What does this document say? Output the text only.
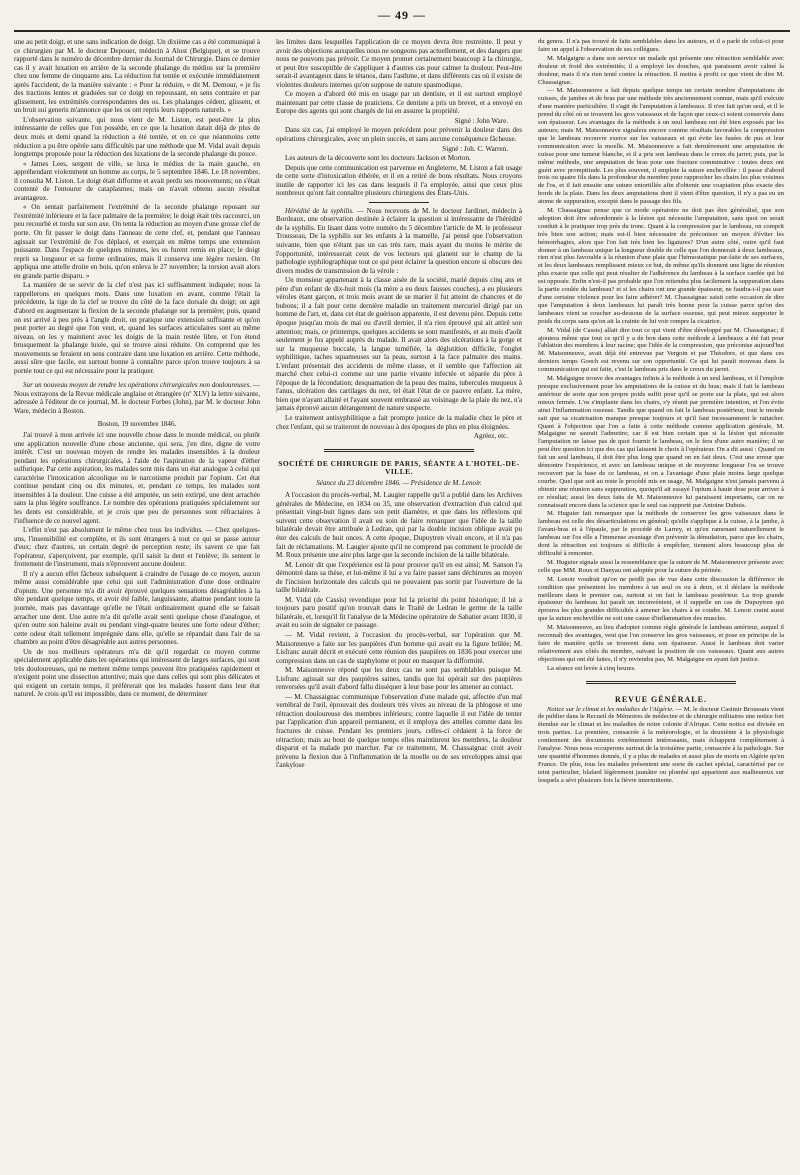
— 49 —

une au petit doigt, et une sans indication de doigt. Un dixième cas a été communiqué à ce chirurgien par M. le docteur Depouer, médecin à Alost (Belgique), et se trouve rapporté dans le numéro de décembre dernier du Journal de Chirurgie. Dans ce dernier cas il y avait luxation en arrière de la seconde phalange du médius sur la première chez une femme de cinquante ans. La réduction fut tentée et exécutée immédiatement après l'accident, de la manière suivante : « Pour la réduire, » dit M. Demour, « je fis des tractions lentes et graduées sur ce doigt en repoussant, en sens contraire et par glissement, les extrémités correspondantes des os. Les phalanges cédent, glissent, et un bruit sui generis m'annonce que les os ont repris leurs rapports naturels. »

L'observation suivante, qui nous vient de M. Liston, est peut-être la plus intéressante de celles que l'on possède, en ce que la luxation datait déjà de plus de deux mois et demi quand la réduction a été tentée, et en ce que néanmoins cette réduction a pu être opérée sans difficultés par une méthode que M. Vidal avait depuis longtemps proposée pour la réduction des luxations de la seconde phalange du pouce.

« James Lees, sergent de ville, se luxa le médius de la main gauche, en appréhendant violemment un homme au corps, le 5 septembre 1846. Le 18 novembre, il consulta M. Liston. Le doigt était difforme et avait perdu ses mouvements; on s'était contenté de l'entourer de cataplasmes; mais on n'avait obtenu aucun résultat avantageux.

« On sentait parfaitement l'extrémité de la seconde phalange reposant sur l'extrémité inférieure et la face palmaire de la première; le doigt était très raccourci, un peu recourbé et tordu sur son axe. On tenta la réduction au moyen d'une grosse clef de porte. On fit passer le doigt dans l'anneau de cette clef, et, pendant que l'anneau agissait sur l'extrémité de l'os déplacé, et exerçait en même temps une extension puissante. Dans l'espace de quelques minutes, les os furent remis en place; le doigt reprit sa longueur et sa forme ordinaires, mais il conserva une légère torsion. On appliqua une attelle droite en bois, qu'on enleva le 27 novembre; la torsion avait alors en grande partie disparu. »

La manière de se servir de la clef n'est pas ici suffisamment indiquée; nous la rappellerons en quelques mots. Dans une luxation en avant, comme l'était la précédente, la tige de la clef se trouve du côté de la face dorsale du doigt; on agit d'abord en augmentant la flexion de la seconde phalange sur la première; puis, quand on est arrivé à peu près à l'angle droit, on pratique une extension suffisante et qu'on peut porter au degré que l'on veut, et, quand les surfaces articulaires sont au même niveau, on les y maintient avec les doigts de la main restée libre, et l'on étend brusquement la phalange luxée, qui se trouve ainsi réduite. On comprend que les mouvements se feraient en sens contraire dans une luxation en arrière. Cette méthode, aussi sûre que facile, est surtout bonne à connaître parce qu'on trouve toujours à sa portée tout ce qui est nécessaire pour la pratiquer.

Sur un nouveau moyen de rendre les opérations chirurgicales non douloureuses. — Nous extrayons de la Revue médicale anglaise et étrangère (nº XLV) la lettre suivante, adressée à l'éditeur de ce journal, M. le docteur Forbes (John), par M. le docteur John Ware, médecin à Boston.

Boston, 19 novembre 1846.

J'ai trouvé à mon arrivée ici une nouvelle chose dans le monde médical, ou plutôt une application nouvelle d'une chose ancienne, qui sera, j'en dire, digne de votre intérêt. C'est un nouveau moyen de rendre les malades insensibles à la douleur pendant les opérations chirurgicales, à l'aide de l'aspiration de la vapeur d'éther sulfurique. Par cette aspiration, les malades sont mis dans un état analogue à celui qui caractérise l'intoxication alcoolique ou le narcotisme produit par l'opium. Cet état continue pendant cinq ou dix minutes, et, pendant ce temps, les malades sont insensibles à la douleur. Une cuisse a été amputée, un sein extirpé, une dent arrachée sans la plus légère souffrance. Le nombre des opérations pratiquées spécialement sur les dents est considérable, et je crois que peu de personnes sont réfractaires à l'influence de ce nouvel agent.

L'effet n'est pas absolument le même chez tous les individus. — Chez quelques-uns, l'insensibilité est complète, et ils sont étrangers à tout ce qui se passe autour d'eux; chez d'autres, un certain degré de perception reste; ils savent ce que fait l'opérateur, s'aperçoivent, par exemple, qu'il saisit la dent et l'enlève; ils sentent le frottement de l'instrument, mais n'éprouvent aucune douleur.

Il n'y a aucun effet fâcheux subséquent à craindre de l'usage de ce moyen, aucun même aussi considérable que celui qui suit l'administration d'une dose ordinaire d'opium. Une personne m'a dit avoir éprouvé quelques sensations désagréables à la tête pendant quelque temps, et avoir été faible, languissante, abattue pendant toute la journée, mais pas davantage qu'elle ne l'était ordinairement quand elle se faisait arracher une dent. Une autre m'a dit qu'elle avait senti quelque chose d'analogue, et qu'en outre son haleine avait eu pendant vingt-quatre heures une forte odeur d'éther; cette odeur était tellement imprégnée dans elle, qu'elle se répandait dans l'air de sa chambre au point d'être désagréable aux autres personnes.

Un de nos meilleurs opérateurs m'a dit qu'il regardait ce moyen comme spécialement applicable dans les opérations qui intéressent de larges surfaces, qui sont très douloureuses, qui ne mettent même temps peuvent être pratiquées rapidement et n'exigent point une dissection attentive; mais que dans celles qui sont plus délicates et qui exigent un certain temps, il préférerait que les malades fussent dans leur état naturel. Je crois qu'il est impossible, dans ce moment, de déterminer

les limites dans lesquelles l'application de ce moyen devra être restreinte. Il peut y avoir des objections auxquelles nous ne songeons pas actuellement, et des dangers que nous ne pouvons pas prévoir. Ce moyen promet certainement beaucoup à la chirurgie, et peut être susceptible de s'appliquer à d'autres cas pour calmer la douleur. Peut-être serait-il avantageux dans le tétanos, dans l'asthme, et dans différents cas où il existe de violentes douleurs internes qu'on suppose de nature spasmodique.

Ce moyen a d'abord été mis en usage par un dentiste, et il est surtout employé maintenant par cette classe de praticiens. Ce dentiste a pris un brevet, et a envoyé en Europe des agents qui sont chargés de lui en assurer la propriété.

Signé : John Ware.

Dans six cas, j'ai employé le moyen précédent pour prévenir la douleur dans des opérations chirurgicales, avec un plein succès, et sans aucune conséquence fâcheuse.

Signé : Joh. C. Warren.

Les auteurs de la découverte sont les docteurs Jackson et Morton.

Depuis que cette communication est parvenue en Angleterre, M. Liston a fait usage de cette sorte d'intoxication éthérée, et il en a retiré de bons résultats. Nous croyons inutile de rapporter ici les cas dans lesquels il l'a employée, ainsi que ceux plus nombreux qu'ont fait connaître plusieurs chirurgiens des États-Unis.

Hérédité de la syphilis. — Nous recevons de M. le docteur Jardinet, médecin à Bordeaux, une observation destinée à éclairer la question si intéressante de l'hérédité de la syphilis. En lisant dans votre numéro du 5 décembre l'article de M. le professeur Trousseau, De la syphilis sur les enfants à la mamelle, j'ai pensé que l'observation suivante, bien que n'étant pas un cas très rare, mais ayant du moins le mérite de l'opportunité, intéresserait ceux de vos lecteurs qui glanent sur le champ de la pathologie syphilographique tout ce qui peut éclairer la question encore si obscure des divers modes de transmission de la vérole :

Un monsieur appartenant à la classe aisée de la société, marié depuis cinq ans et père d'un enfant de dix-huit mois (la mère a eu deux fausses couches), a eu plusieurs véroles étant garçon, et trois mois avant de se marier il fut atteint de chancres et de bubons; il a fait pour cette dernière maladie un traitement mercuriel dirigé par un homme de l'art, et, dans cet état de guérison apparente, il est devenu père. Depuis cette époque jusqu'au mois de mai ou d'avril dernier, il n'a rien éprouvé qui ait attiré son attention; mais, ce printemps, quelques accidents se sont manifestés, et au mois d'août seulement je fus appelé auprès du malade. Il avait alors des ulcérations à la gorge et sur la muqueuse buccale, la langue tuméfiée, la déglutition difficile, l'onglet syphilitique, taches squameuses sur la peau, surtout à la face palmaire des mains. L'enfant présentait des accidents de même classe, et il semble que l'affection ait marché chez celui-ci comme sur une partie vivante infectée et séparée du père à l'époque de la fécondation; desquamation de la peau des mains, tubercules muqueux à l'anus, ulcération des cartilages du nez, tel était l'état de ce pauvre enfant. La mère, bien que n'ayant allaité et l'ayant souvent embrassé au voisinage de la plaie du nez, n'a jamais éprouvé aucun dérangement de nature suspecte.

Le traitement antisyphilitique a fait prompte justice de la maladie chez le père et chez l'enfant, qui se traiteront de nouveau à des époques de plus en plus éloignées.

Agréez, etc.

SOCIÉTÉ DE CHIRURGIE DE PARIS, SÉANTE A L'HOTEL-DE-VILLE.

Séance du 23 décembre 1846. — Présidence de M. Lenoir.

A l'occasion du procès-verbal, M. Laugier rappelle qu'il a publié dans les Archives générales de Médecine, en 1834 ou 35, une observation d'extraction d'un calcul qui présentait vingt-huit lignes dans son petit diamètre, et que dans les réflexions qui suivent cette observation il avait eu soin de faire remarquer que l'idée de la taille bilatérale devait être attribuée à Ledran, qui par la double incision oblique avait pu éter des calculs de huit onces. A cette époque, Dupuytren vivait encore, et il n'a pas fait de réclamations. M. Laugier ajoute qu'il ne comprend pas comment le procédé de M. Roux présente une aire plus large que la seconde incision de la taille bilatérale.

M. Lenoir dit que l'expérience est là pour prouver qu'il en est ainsi; M. Sanson l'a démontré dans sa thèse, et lui-même il lui a vu faire passer sans déchirures au moyen de l'incision horizontale des calculs qui ne pouvaient pas sortir par l'ouverture de la taille bilatérale.

M. Vidal (de Cassis) revendique pour lui la priorité du point historique; il lui a toujours paru positif qu'on trouvait dans le Traité de Ledran le germe de la taille bilatérale, et, lorsqu'il fit l'analyse de la Médecine opératoire de Sabatier avant 1830, il avait eu soin de signaler ce passage.

— M. Vidal revient, à l'occasion du procès-verbal, sur l'opération que M. Maisonneuve a faite sur les paupières d'un homme qui avait eu la figure brûlée; M. Lisfranc aurait décrit et exécuté cette réunion des paupières en 1836 pour exercer une compression dans un cas de staphylome et pour en masquer la difformité.

M. Maisonneuve répond que les deux cas ne sont pas semblables puisque M. Lisfranc agissait sur des paupières saines, tandis que lui opérait sur des paupières renversées qu'il avait d'abord fallu disséquer à leur base pour les amener au contact.

— M. Chassaignac communique l'observation d'une malade qui, affectée d'un mal vertébral de l'œil, éprouvait des douleurs très vives au niveau de la phlogose et une rétraction douloureuse des membres inférieurs; contre laquelle il eut l'idée de tenter par l'application d'un appareil permanent, et il employa des attelles comme dans les fractures de cuisse. Pendant les premiers jours, celles-ci cédaient à la force de rétraction; mais au bout de quelque temps elles maintinrent les membres, la douleur disparut et la malade put marcher. Par ce traitement, M. Chassaignac croit avoir prévenu la flexion due à l'inflammation de la moelle ou de ses enveloppes ainsi que l'ankylose

du genou. Il n'a pas trouvé de faits semblables dans les auteurs, et il a parlé de celui-ci pour faire un appel à l'observation de ses collègues.

M. Malgaigne a dans son service un malade qui présente une rétraction semblable avec douleur et froid des extrémités; il a employé les douches, qui paraissent avoir calmé la douleur, mais il n'a rien tenté contre la rétraction. Il mettra à profit ce que vient de dire M. Chassaignac.

— M. Maisonneuve a fait depuis quelque temps un certain nombre d'amputations de cuisses, de jambes et de bras par une méthode très anciennement connue, mais qu'il exécute d'une manière particulière. Il s'agit de l'amputation à lambeaux. Il n'en fait qu'un seul, et il le prend du côté où se trouvent les gros vaisseaux et de façon que ceux-ci soient conservés dans son épaisseur. Les avantages de la méthode à un seul lambeau ont été bien exposés par les auteurs; mais M. Maisonneuve signalera encore comme résultats favorables la compression que le lambeau recouvre exerce sur les vaisseaux et qui évite les fusées de pus et leur communication avec la moelle. M. Maisonneuve a fait dernièrement une amputation de cuisse pour une tumeur blanche, et il a pris son lambeau dans le creux du jarret; puis, par la même méthode, une amputation de bras pour une fracture comminutive : toutes deux ont guéri avec promptitude. Les plus souvent, il emploie la suture enchevillée : il passe d'abord trois ou quatre fils dans la profondeur du membre pour rapprocher les chairs les plus voisines de l'os, et il fait ensuite une suture entortillée afin d'obtenir une coaptation plus exacte des bords de la plaie. Dans les deux amputations dont il vient d'être question, il n'y a pas eu un atome de suppuration, excepté dans le passage des fils.

M. Chassaignac pense que ce mode opératoire ne doit pas être généralisé, que son adoption doit être subordonnée à la lésion qui nécessite l'amputation, sans quoi on serait conduit à le pratiquer trop près du tronc. Quant à la compression par le lambeau, on comprit très bien son action; mais est-il bien nécessaire de préconiser un moyen d'éviter les hémorrhagies, alors que l'on fait très bien les ligatures? D'un autre côté, outre qu'il faut donner à un lambeau unique la longueur double de celle que l'on donnerait à deux lambeaux, rien n'est plus favorable à la réunion d'une plaie que l'hémostatique par-faite de ses surfaces, et les deux lambeaux remplissent mieux ce but, de même qu'ils donnent une ligne de réunion plus exacte que celle qui peut résulter de l'adhérence du lambeau à la surface cardée qui lui est opposée. Enfin n'est-il pas probable que l'on retiendra plus facilement la suppuration dans la partie coulée du lambeau? et si les chairs ont une grande épaisseur, ne faudra-t-il pas user d'une certaine violence pour les faire adhérer? M. Chassaignac saisit cette occasion de dire que l'amputation à deux lambeaux lui paraît très bonne pour la cuisse parce qu'on des lambeaux vient se coucher au-dessous de la surface osseuse, qui peut mieux supporter le poids du corps sans qu'on ait la crainte de lui voir rompre la cicatrice.

M. Vidal (de Cassis) allait dire tout ce qui vient d'être développé par M. Chassaignac; il ajoutera même que tout ce qu'il y a de bon dans cette méthode à lambeaux a été fait pour l'ablation des membres à leur racine; que l'idée de la compression, que préconise aujourd'hui M. Maisonneuve, avait déjà été entrevue par Vergoin et par Théodore, et que dans ces derniers temps Gooch est revenu sur son opportunité. Ce qui lui paraît nouveau dans la communication qui est faite, c'est le lambeau pris dans le creux du jarret.

M. Malgaigne trouve des avantages infinis à la méthode à un seul lambeau, et il l'emploie presque exclusivement pour les amputations de la cuisse et du bras; mais il fait le lambeau antérieur de sorte que son propre poids suffit pour qu'il se porte sur la plaie, qui est alors mieux fermée. L'os s'implante dans les chairs, s'y réunit par première intention, et l'on évite ainsi l'inflammation osseuse. Tandis que quand on fait le lambeau postérieur, tout le monde sait que sa cicatrisation manque presque toujours et qu'il faut incessamment le rattacher. Quant à l'objection que l'on a faite à cette méthode comme application générale, M. Malgaigne ne saurait l'admettre; car il est bien certain que si la lésion qui nécessite l'amputation ne laisse pas de quoi fournir le lambeau, on le fera d'une autre manière; il ne peut être question ici que des cas qui laissent le choix à l'opérateur. On a dit aussi : Quand on fait un seul lambeau, il doit être plus long que quand on en fait deux. C'est une erreur que démontre l'expérience, et avec un lambeau unique et de moyenne longueur l'os se trouve recouvert par la base de ce lambeau, et on a l'avantage d'une plaie moins large quelque courbe. Quel que soit au reste le procédé mis en usage, M. Malgaigne n'est jamais parvenu à obtenir une réunion sans suppuration, quoiqu'il ait essayé l'opium à haute dose pour arriver à ce résultat; aussi les deux faits de M. Maisonneuve lui paraissent importants, car on ne connaissait encore dans la science que le seul cas rapporté par Antoine Dubois.

M. Huguier fait remarquer que la méthode de conserver les gros vaisseaux dans le lambeau est celle des désarticulations en général; qu'elle s'applique à la cuisse, à la jambe, à l'avant-bras et à l'épaule, par le procédé de Larrey, et qu'en ramenant naturellement le lambeau sur l'os elle a l'immense avantage d'en prévenir la dénudation, parce que les chairs, dont la rétraction est toujours si difficile à empêcher, tiennent alors beaucoup plus de difficulté à remonter.

M. Huguier signale aussi la ressemblance que la suture de M. Maisonneuve présente avec celle que MM. Roux et Danyau ont adoptée pour la suture du périnée.

M. Lenoir voudrait qu'on ne perdît pas de vue dans cette discussion la différence de condition que présentent les membres à un seul os ou à deux, et il déclare la méthode meilleure dans le premier cas, surtout si on fait le lambeau postérieur. La trop grande épaisseur du lambeau lui paraît un inconvénient, et il rappelle un cas de Dupuytren qui éprouva les plus grandes difficultés à amener les chairs à se coudre. M. Lenoir craint aussi que la suture enchevillée ne soit une cause d'inflammation des muscles.

M. Maisonneuve, au lieu d'adopter comme règle générale le lambeau antérieur, auquel il reconnaît des avantages, veut que l'on conserve les gros vaisseaux, et pose en principe de la faire de manière qu'ils se trouvent dans son épaisseur. Aussi le lambeau doit varier relativement aux côtés du membre, suivant la position de ces vaisseaux. Quant aux autres objections qui ont été faites, il n'y reviendra pas, M. Malgaigne en ayant fait justice.

La séance est levée à cinq heures.

REVUE GÉNÉRALE.

Notice sur le climat et les maladies de l'Algérie. — M. le docteur Casimir Broussais vient de publier dans le Recueil de Mémoires de médecine et de chirurgie militaires une notice fort étendue sur le climat et les maladies de notre colonie d'Afrique. Cette notice est divisée en trois parties. La première, consacrée à la météorologie, et la deuxième à la physiologie contiennent des documents extrêmement intéressants, mais échappent complètement à l'analyse. Nous nous occuperons surtout de la troisième partie, consacrée à la pathologie. Sur une quantité d'hommes donnés, il y a plus de malades et aussi plus de morts en Algérie qu'en France. De plus, tous les malades présentent une sorte de cachet spécial, caractérisé par ce teint particulier, blafard légèrement jaunâtre ou plombé qui appartient aux malheureux sur lesquels a sévi plusieurs fois la fièvre intermittente.
